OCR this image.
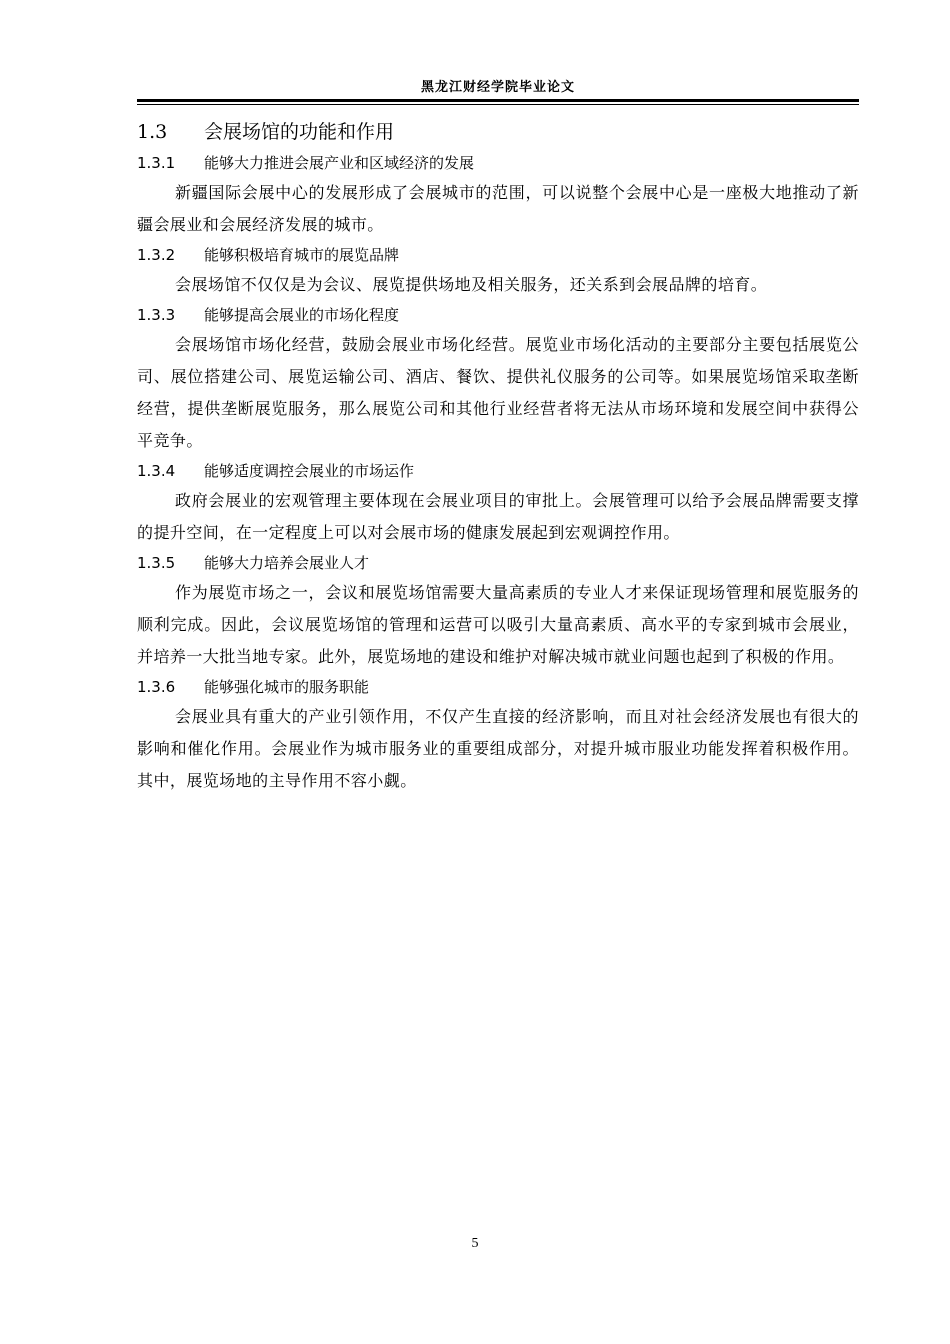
黑龙江财经学院毕业论文
1.3 会展场馆的功能和作用
1.3.1 能够大力推进会展产业和区域经济的发展

新疆国际会展中心的发展形成了会展城市的范围，可以说整个会展中心是一座极大地推动了新疆会展业和会展经济发展的城市。

1.3.2 能够积极培育城市的展览品牌

会展场馆不仅仅是为会议、展览提供场地及相关服务，还关系到会展品牌的培育。

1.3.3 能够提高会展业的市场化程度

会展场馆市场化经营，鼓励会展业市场化经营。展览业市场化活动的主要部分主要包括展览公司、展位搭建公司、展览运输公司、酒店、餐饮、提供礼仪服务的公司等。如果展览场馆采取垄断经营，提供垄断展览服务，那么展览公司和其他行业经营者将无法从市场环境和发展空间中获得公平竞争。

1.3.4 能够适度调控会展业的市场运作

政府会展业的宏观管理主要体现在会展业项目的审批上。会展管理可以给予会展品牌需要支撑的提升空间，在一定程度上可以对会展市场的健康发展起到宏观调控作用。

1.3.5 能够大力培养会展业人才

作为展览市场之一，会议和展览场馆需要大量高素质的专业人才来保证现场管理和展览服务的顺利完成。因此，会议展览场馆的管理和运营可以吸引大量高素质、高水平的专家到城市会展业，并培养一大批当地专家。此外，展览场地的建设和维护对解决城市就业问题也起到了积极的作用。

1.3.6 能够强化城市的服务职能

会展业具有重大的产业引领作用，不仅产生直接的经济影响，而且对社会经济发展也有很大的影响和催化作用。会展业作为城市服务业的重要组成部分，对提升城市服业功能发挥着积极作用。其中，展览场地的主导作用不容小觑。

5
